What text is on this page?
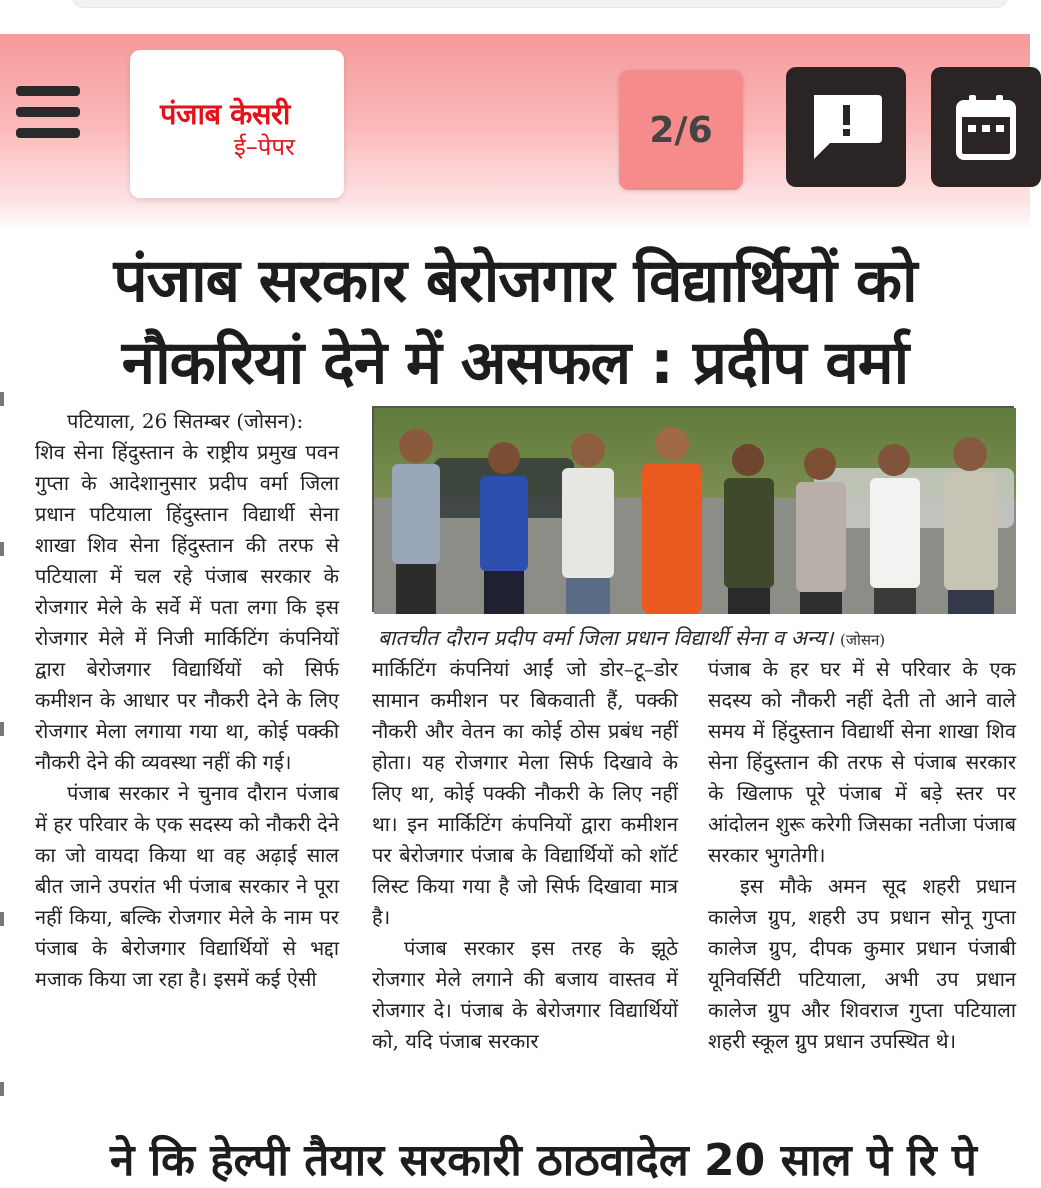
पंजाब केसरी
ई–पेपर	2/6
पंजाब सरकार बेरोजगार विद्यार्थियों को
नौकरियां देने में असफल : प्रदीप वर्मा

पटियाला, 26 सितम्बर (जोसन):

शिव सेना हिंदुस्तान के राष्ट्रीय प्रमुख पवन गुप्ता के आदेशानुसार प्रदीप वर्मा जिला प्रधान पटियाला हिंदुस्तान विद्यार्थी सेना शाखा शिव सेना हिंदुस्तान की तरफ से पटियाला में चल रहे पंजाब सरकार के रोजगार मेले के सर्वे में पता लगा कि इस रोजगार मेले में निजी मार्किटिंग कंपनियों द्वारा बेरोजगार विद्यार्थियों को सिर्फ कमीशन के आधार पर नौकरी देने के लिए रोजगार मेला लगाया गया था, कोई पक्की नौकरी देने की व्यवस्था नहीं की गई।

पंजाब सरकार ने चुनाव दौरान पंजाब में हर परिवार के एक सदस्य को नौकरी देने का जो वायदा किया था वह अढ़ाई साल बीत जाने उपरांत भी पंजाब सरकार ने पूरा नहीं किया, बल्कि रोजगार मेले के नाम पर पंजाब के बेरोजगार विद्यार्थियों से भद्दा मजाक किया जा रहा है। इसमें कई ऐसी

बातचीत दौरान प्रदीप वर्मा जिला प्रधान विद्यार्थी सेना व अन्य। (जोसन)

मार्किटिंग कंपनियां आईं जो डोर–टू–डोर सामान कमीशन पर बिकवाती हैं, पक्की नौकरी और वेतन का कोई ठोस प्रबंध नहीं होता। यह रोजगार मेला सिर्फ दिखावे के लिए था, कोई पक्की नौकरी के लिए नहीं था। इन मार्किटिंग कंपनियों द्वारा कमीशन पर बेरोजगार पंजाब के विद्यार्थियों को शॉर्ट लिस्ट किया गया है जो सिर्फ दिखावा मात्र है।

पंजाब सरकार इस तरह के झूठे रोजगार मेले लगाने की बजाय वास्तव में रोजगार दे। पंजाब के बेरोजगार विद्यार्थियों को, यदि पंजाब सरकार

पंजाब के हर घर में से परिवार के एक सदस्य को नौकरी नहीं देती तो आने वाले समय में हिंदुस्तान विद्यार्थी सेना शाखा शिव सेना हिंदुस्तान की तरफ से पंजाब सरकार के खिलाफ पूरे पंजाब में बड़े स्तर पर आंदोलन शुरू करेगी जिसका नतीजा पंजाब सरकार भुगतेगी।

इस मौके अमन सूद शहरी प्रधान कालेज ग्रुप, शहरी उप प्रधान सोनू गुप्ता कालेज ग्रुप, दीपक कुमार प्रधान पंजाबी यूनिवर्सिटी पटियाला, अभी उप प्रधान कालेज ग्रुप और शिवराज गुप्ता पटियाला शहरी स्कूल ग्रुप प्रधान उपस्थित थे।

ने कि हेल्पी तैयार सरकारी ठाठवादेल 20 साल पे रि पे
